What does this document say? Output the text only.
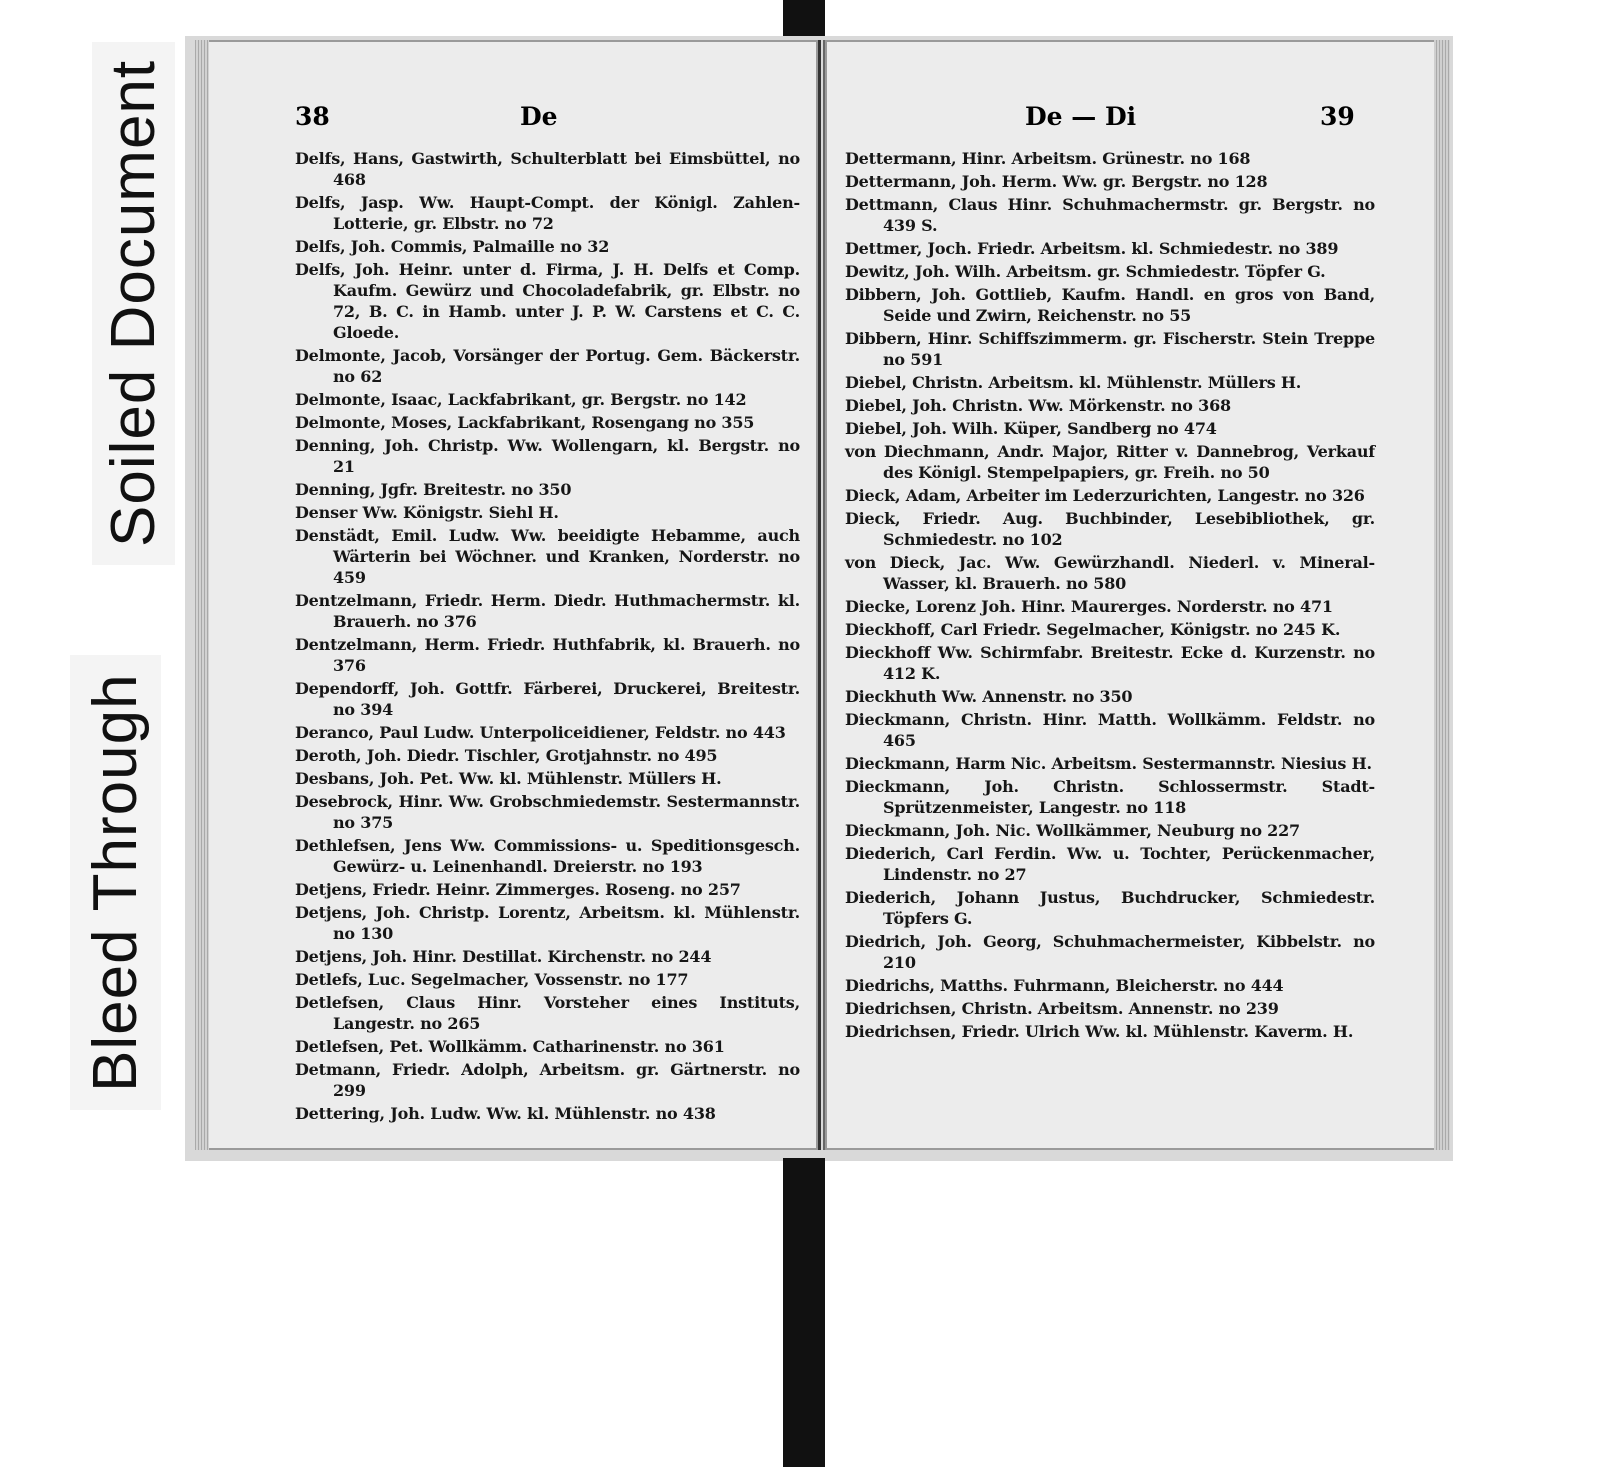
Soiled Document
Bleed Through
38	De

Delfs, Hans, Gastwirth, Schulterblatt bei Eimsbüttel, no 468

Delfs, Jasp. Ww. Haupt-Compt. der Königl. Zahlen-Lotterie, gr. Elbstr. no 72

Delfs, Joh. Commis, Palmaille no 32

Delfs, Joh. Heinr. unter d. Firma, J. H. Delfs et Comp. Kaufm. Gewürz und Chocoladefabrik, gr. Elbstr. no 72, B. C. in Hamb. unter J. P. W. Carstens et C. C. Gloede.

Delmonte, Jacob, Vorsänger der Portug. Gem. Bäckerstr. no 62

Delmonte, Isaac, Lackfabrikant, gr. Bergstr. no 142

Delmonte, Moses, Lackfabrikant, Rosengang no 355

Denning, Joh. Christp. Ww. Wollengarn, kl. Bergstr. no 21

Denning, Jgfr. Breitestr. no 350

Denser Ww. Königstr. Siehl H.

Denstädt, Emil. Ludw. Ww. beeidigte Hebamme, auch Wärterin bei Wöchner. und Kranken, Norderstr. no 459

Dentzelmann, Friedr. Herm. Diedr. Huthmachermstr. kl. Brauerh. no 376

Dentzelmann, Herm. Friedr. Huthfabrik, kl. Brauerh. no 376

Dependorff, Joh. Gottfr. Färberei, Druckerei, Breitestr. no 394

Deranco, Paul Ludw. Unterpoliceidiener, Feldstr. no 443

Deroth, Joh. Diedr. Tischler, Grotjahnstr. no 495

Desbans, Joh. Pet. Ww. kl. Mühlenstr. Müllers H.

Desebrock, Hinr. Ww. Grobschmiedemstr. Sestermannstr. no 375

Dethlefsen, Jens Ww. Commissions- u. Speditionsgesch. Gewürz- u. Leinenhandl. Dreierstr. no 193

Detjens, Friedr. Heinr. Zimmerges. Roseng. no 257

Detjens, Joh. Christp. Lorentz, Arbeitsm. kl. Mühlenstr. no 130

Detjens, Joh. Hinr. Destillat. Kirchenstr. no 244

Detlefs, Luc. Segelmacher, Vossenstr. no 177

Detlefsen, Claus Hinr. Vorsteher eines Instituts, Langestr. no 265

Detlefsen, Pet. Wollkämm. Catharinenstr. no 361

Detmann, Friedr. Adolph, Arbeitsm. gr. Gärtnerstr. no 299

Dettering, Joh. Ludw. Ww. kl. Mühlenstr. no 438

De — Di	39

Dettermann, Hinr. Arbeitsm. Grünestr. no 168

Dettermann, Joh. Herm. Ww. gr. Bergstr. no 128

Dettmann, Claus Hinr. Schuhmachermstr. gr. Bergstr. no 439 S.

Dettmer, Joch. Friedr. Arbeitsm. kl. Schmiedestr. no 389

Dewitz, Joh. Wilh. Arbeitsm. gr. Schmiedestr. Töpfer G.

Dibbern, Joh. Gottlieb, Kaufm. Handl. en gros von Band, Seide und Zwirn, Reichenstr. no 55

Dibbern, Hinr. Schiffszimmerm. gr. Fischerstr. Stein Treppe no 591

Diebel, Christn. Arbeitsm. kl. Mühlenstr. Müllers H.

Diebel, Joh. Christn. Ww. Mörkenstr. no 368

Diebel, Joh. Wilh. Küper, Sandberg no 474

von Diechmann, Andr. Major, Ritter v. Dannebrog, Verkauf des Königl. Stempelpapiers, gr. Freih. no 50

Dieck, Adam, Arbeiter im Lederzurichten, Langestr. no 326

Dieck, Friedr. Aug. Buchbinder, Lesebibliothek, gr. Schmiedestr. no 102

von Dieck, Jac. Ww. Gewürzhandl. Niederl. v. Mineral-Wasser, kl. Brauerh. no 580

Diecke, Lorenz Joh. Hinr. Maurerges. Norderstr. no 471

Dieckhoff, Carl Friedr. Segelmacher, Königstr. no 245 K.

Dieckhoff Ww. Schirmfabr. Breitestr. Ecke d. Kurzenstr. no 412 K.

Dieckhuth Ww. Annenstr. no 350

Dieckmann, Christn. Hinr. Matth. Wollkämm. Feldstr. no 465

Dieckmann, Harm Nic. Arbeitsm. Sestermannstr. Niesius H.

Dieckmann, Joh. Christn. Schlossermstr. Stadt-Sprützenmeister, Langestr. no 118

Dieckmann, Joh. Nic. Wollkämmer, Neuburg no 227

Diederich, Carl Ferdin. Ww. u. Tochter, Perückenmacher, Lindenstr. no 27

Diederich, Johann Justus, Buchdrucker, Schmiedestr. Töpfers G.

Diedrich, Joh. Georg, Schuhmachermeister, Kibbelstr. no 210

Diedrichs, Matths. Fuhrmann, Bleicherstr. no 444

Diedrichsen, Christn. Arbeitsm. Annenstr. no 239

Diedrichsen, Friedr. Ulrich Ww. kl. Mühlenstr. Kaverm. H.
